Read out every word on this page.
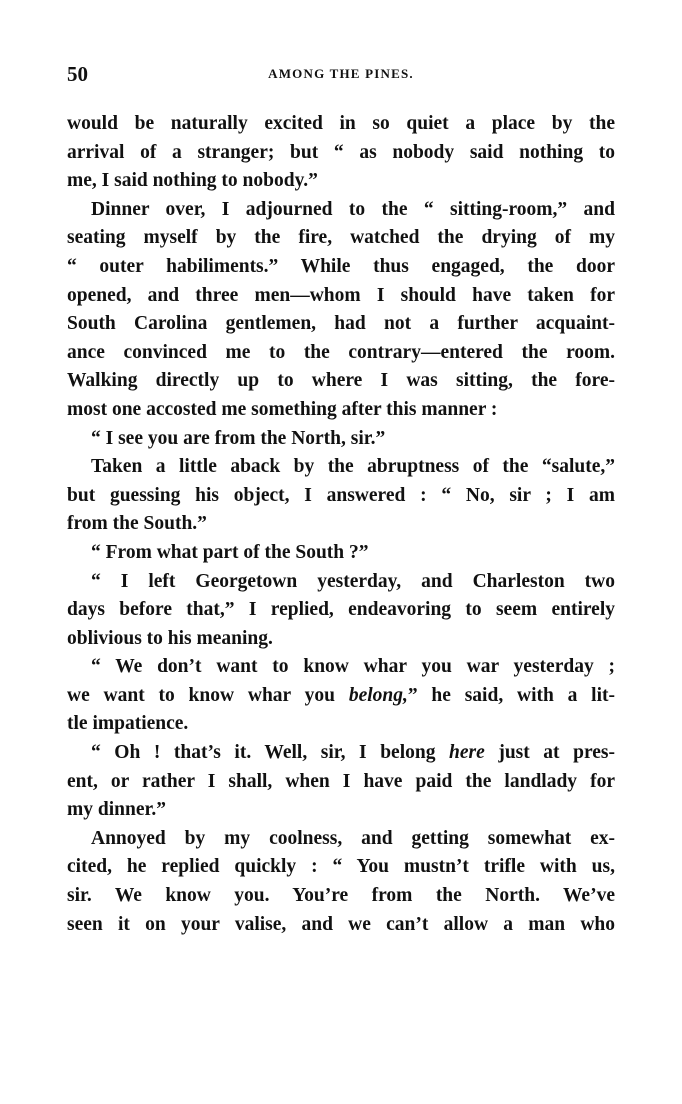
50	AMONG THE PINES.
would be naturally excited in so quiet a place by the
arrival of a stranger; but “ as nobody said nothing to
me, I said nothing to nobody.”
Dinner over, I adjourned to the “ sitting-room,” and
seating myself by the fire, watched the drying of my
“ outer habiliments.” While thus engaged, the door
opened, and three men—whom I should have taken for
South Carolina gentlemen, had not a further acquaint-
ance convinced me to the contrary—entered the room.
Walking directly up to where I was sitting, the fore-
most one accosted me something after this manner :
“ I see you are from the North, sir.”
Taken a little aback by the abruptness of the “salute,”
but guessing his object, I answered : “ No, sir ; I am
from the South.”
“ From what part of the South ?”
“ I left Georgetown yesterday, and Charleston two
days before that,” I replied, endeavoring to seem entirely
oblivious to his meaning.
“ We don’t want to know whar you war yesterday ;
we want to know whar you belong,” he said, with a lit-
tle impatience.
“ Oh ! that’s it. Well, sir, I belong here just at pres-
ent, or rather I shall, when I have paid the landlady for
my dinner.”
Annoyed by my coolness, and getting somewhat ex-
cited, he replied quickly : “ You mustn’t trifle with us,
sir. We know you. You’re from the North. We’ve
seen it on your valise, and we can’t allow a man who
